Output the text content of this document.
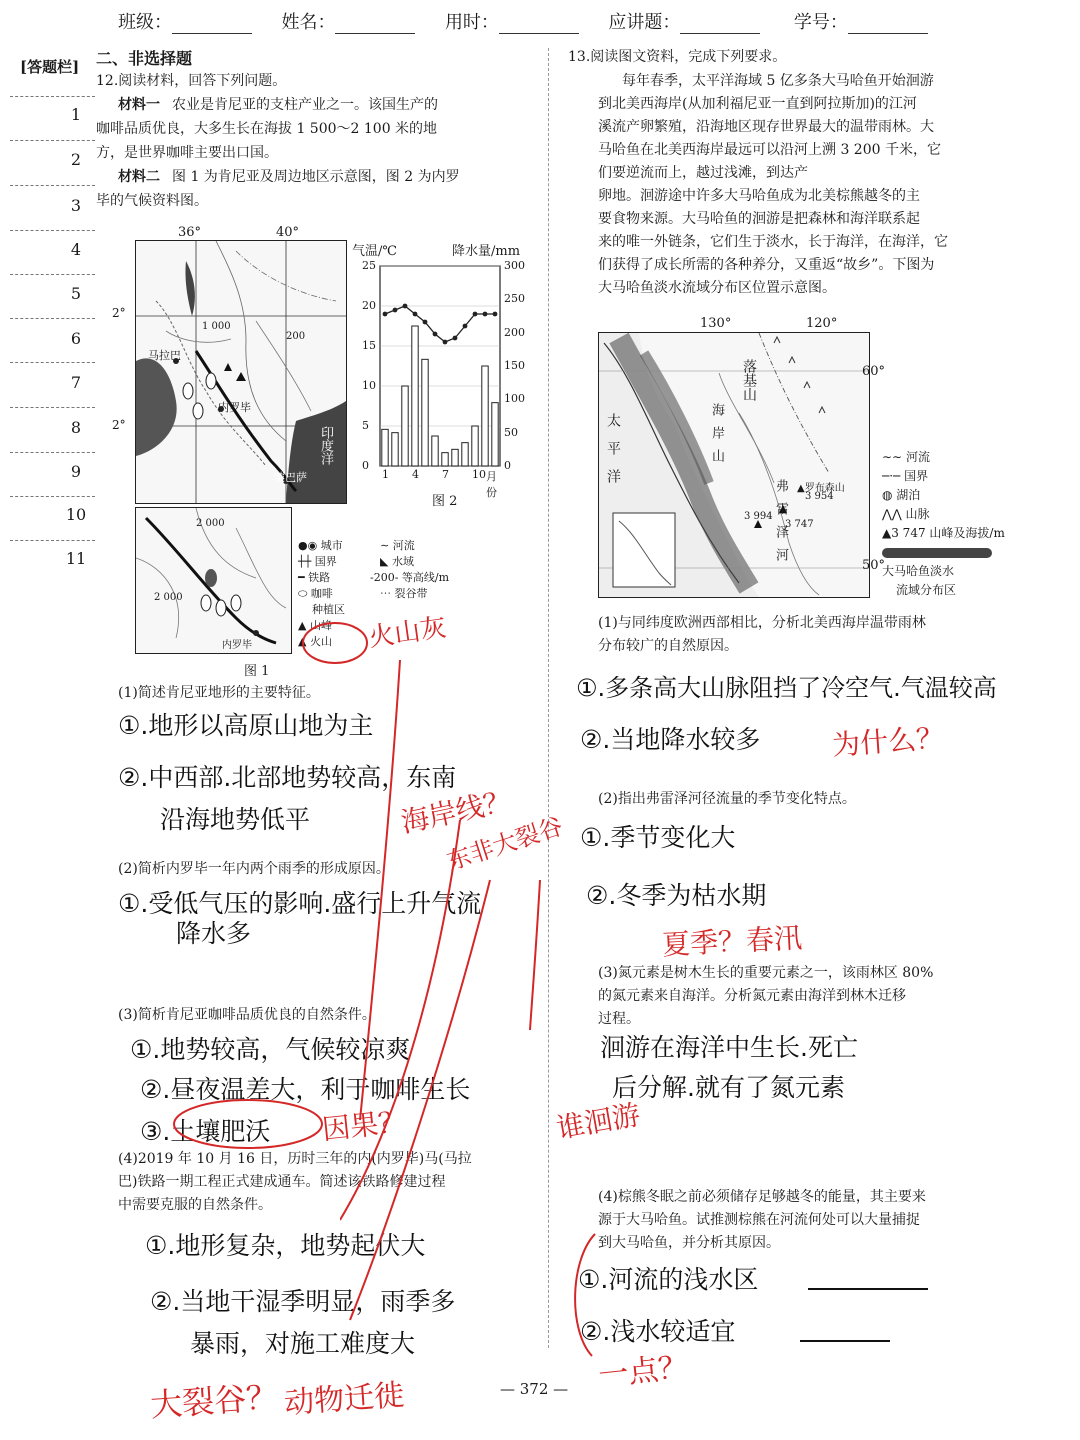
班级：	姓名：	用时：	应讲题：	学号：
[答题栏]
1
2
3
4
5
6
7
8
9
10
11
二、非选择题
12.阅读材料，回答下列问题。
材料一 农业是肯尼亚的支柱产业之一。该国生产的
咖啡品质优良，大多生长在海拔 1 500～2 100 米的地
方，是世界咖啡主要出口国。
材料二 图 1 为肯尼亚及周边地区示意图，图 2 为内罗
毕的气候资料图。
马拉巴
内罗毕
蒙巴萨
印度洋
1 000
200
36°	40°
2°
2°
2 000
2 000
内罗毕
图 1
●◉ 城市	∼ 河流
┼┼ 国界	◣ 水域
━ 铁路	-200- 等高线/m
⬭ 咖啡	⋯ 裂谷带
种植区
▲ 山峰
▲ 火山
气温/℃	降水量/mm
25
20
15
10
5
0
300
250
200
150
100
50
0
1 4 7 10 月份
图 2
(1)简述肯尼亚地形的主要特征。
①.地形以高原山地为主
②.中西部.北部地势较高，东南
沿海地势低平
(2)简析内罗毕一年内两个雨季的形成原因。
①.受低气压的影响.盛行上升气流
降水多
(3)简析肯尼亚咖啡品质优良的自然条件。
①.地势较高，气候较凉爽
②.昼夜温差大，利于咖啡生长
③.土壤肥沃
(4)2019 年 10 月 16 日，历时三年的内(内罗毕)马(马拉
巴)铁路一期工程正式建成通车。简述该铁路修建过程
中需要克服的自然条件。
①.地形复杂，地势起伏大
②.当地干湿季明显，雨季多
暴雨，对施工难度大
火山灰
海岸线？
东非大裂谷
因果？
大裂谷？ 动物迁徙
13.阅读图文资料，完成下列要求。
每年春季，太平洋海域 5 亿多条大马哈鱼开始洄游
到北美西海岸(从加利福尼亚一直到阿拉斯加)的江河
溪流产卵繁殖，沿海地区现存世界最大的温带雨林。大
马哈鱼在北美西海岸最远可以沿河上溯 3 200 千米，它
们要逆流而上，越过浅滩，到达产
卵地。洄游途中许多大马哈鱼成为北美棕熊越冬的主
要食物来源。大马哈鱼的洄游是把森林和海洋联系起
来的唯一外链条，它们生于淡水，长于海洋，在海洋，它
们获得了成长所需的各种养分，又重返“故乡”。下图为
大马哈鱼淡水流域分布区位置示意图。
130°	120°
落基山
太平洋	海岸山
弗雷泽河 ▲罗布森山
3 954
3 994
3 747
60°
50°
∼∼ 河流
─·─ 国界
◍ 湖泊
⋀⋀ 山脉
▲3 747 山峰及海拔/m
大马哈鱼淡水
流域分布区
(1)与同纬度欧洲西部相比，分析北美西海岸温带雨林
分布较广的自然原因。
①.多条高大山脉阻挡了冷空气.气温较高
②.当地降水较多	为什么？
(2)指出弗雷泽河径流量的季节变化特点。
①.季节变化大
②.冬季为枯水期
夏季？春汛
(3)氮元素是树木生长的重要元素之一，该雨林区 80%
的氮元素来自海洋。分析氮元素由海洋到林木迁移
过程。
洄游在海洋中生长.死亡
后分解.就有了氮元素
谁洄游
(4)棕熊冬眠之前必须储存足够越冬的能量，其主要来
源于大马哈鱼。试推测棕熊在河流何处可以大量捕捉
到大马哈鱼，并分析其原因。
①.河流的浅水区
②.浅水较适宜
一点？
— 372 —
